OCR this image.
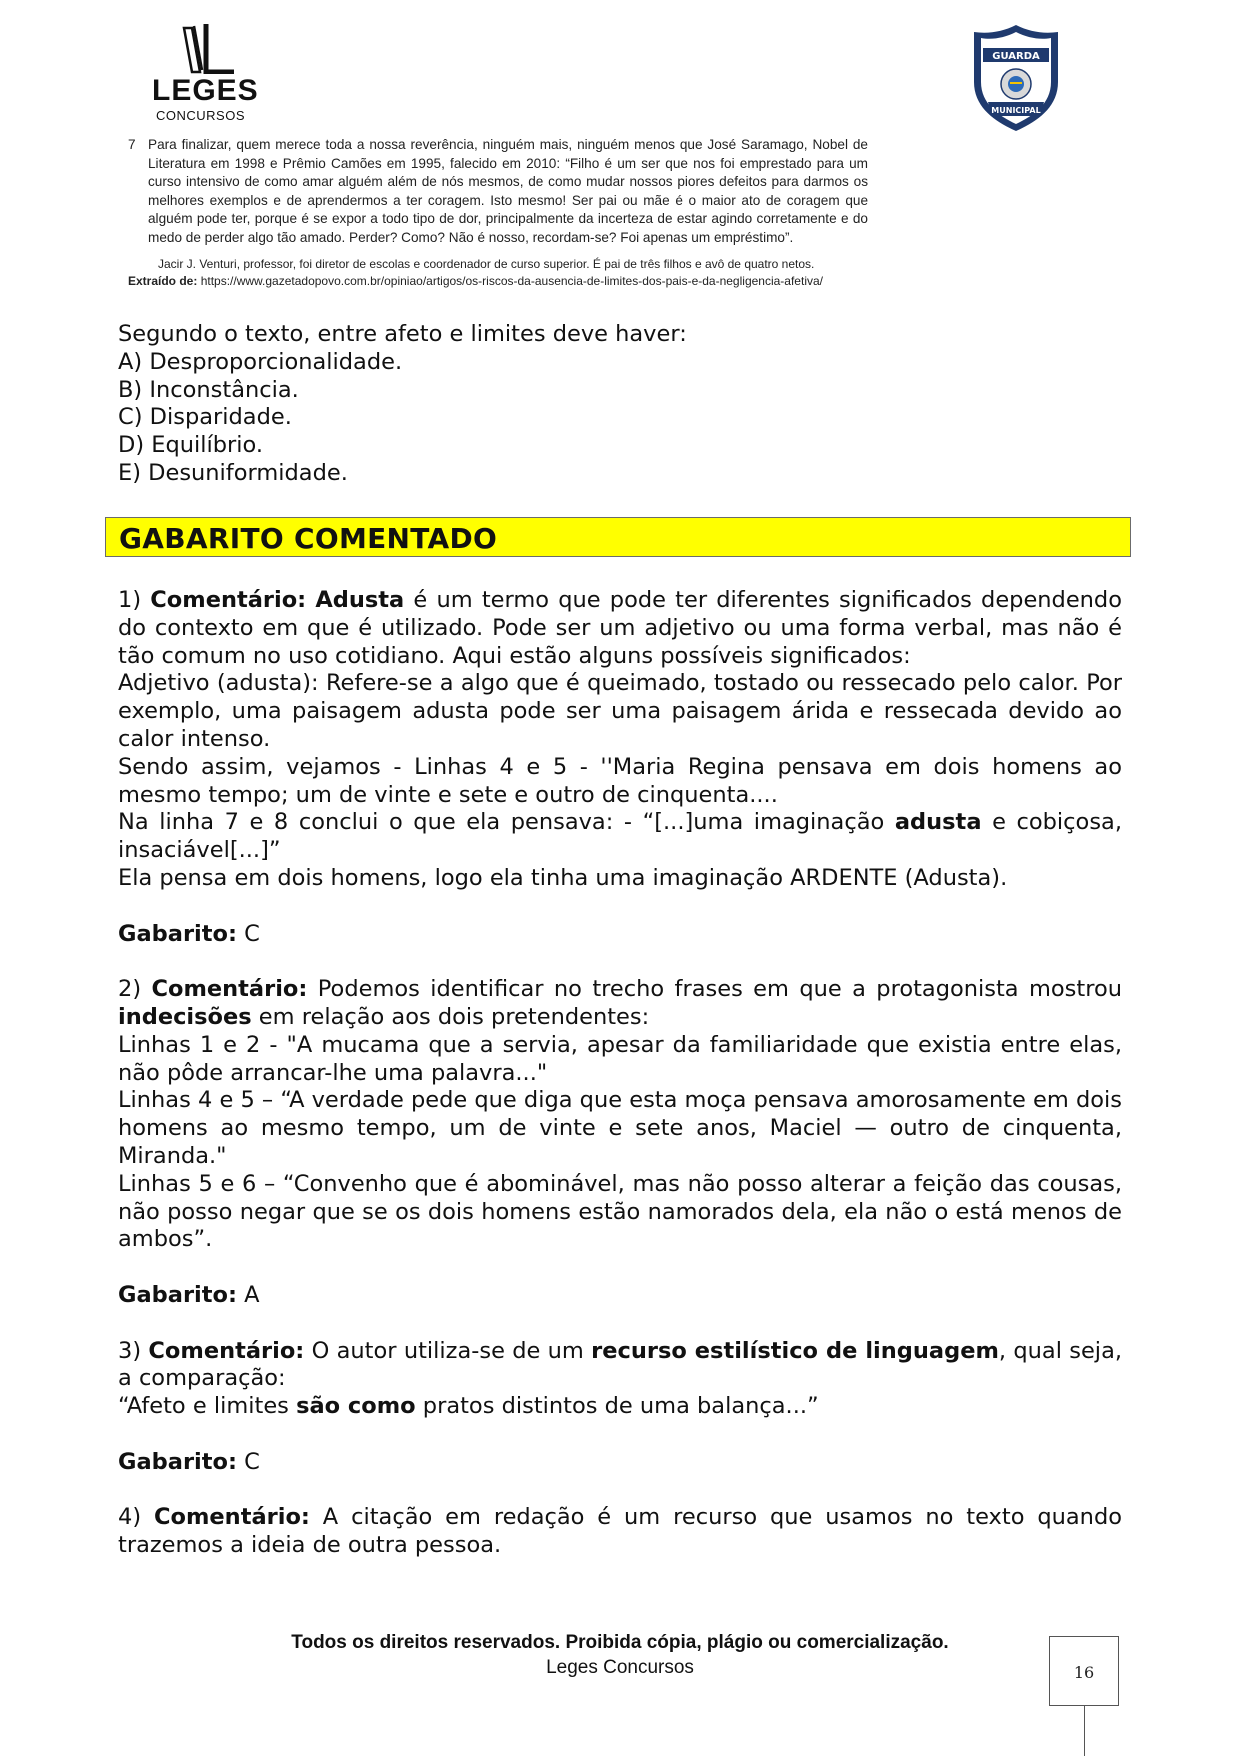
LEGES
CONCURSOS
GUARDA
MUNICIPAL
7 Para finalizar, quem merece toda a nossa reverência, ninguém mais, ninguém menos que José Saramago, Nobel de Literatura em 1998 e Prêmio Camões em 1995, falecido em 2010: “Filho é um ser que nos foi emprestado para um curso intensivo de como amar alguém além de nós mesmos, de como mudar nossos piores defeitos para darmos os melhores exemplos e de aprendermos a ter coragem. Isto mesmo! Ser pai ou mãe é o maior ato de coragem que alguém pode ter, porque é se expor a todo tipo de dor, principalmente da incerteza de estar agindo corretamente e do medo de perder algo tão amado. Perder? Como? Não é nosso, recordam-se? Foi apenas um empréstimo”.
Jacir J. Venturi, professor, foi diretor de escolas e coordenador de curso superior. É pai de três filhos e avô de quatro netos.
Extraído de: https://www.gazetadopovo.com.br/opiniao/artigos/os-riscos-da-ausencia-de-limites-dos-pais-e-da-negligencia-afetiva/

Segundo o texto, entre afeto e limites deve haver:

A) Desproporcionalidade.

B) Inconstância.

C) Disparidade.

D) Equilíbrio.

E) Desuniformidade.

GABARITO COMENTADO

1) Comentário: Adusta é um termo que pode ter diferentes significados dependendo do contexto em que é utilizado. Pode ser um adjetivo ou uma forma verbal, mas não é tão comum no uso cotidiano. Aqui estão alguns possíveis significados:

Adjetivo (adusta): Refere-se a algo que é queimado, tostado ou ressecado pelo calor. Por exemplo, uma paisagem adusta pode ser uma paisagem árida e ressecada devido ao calor intenso.

Sendo assim, vejamos - Linhas 4 e 5 - ''Maria Regina pensava em dois homens ao mesmo tempo; um de vinte e sete e outro de cinquenta....

Na linha 7 e 8 conclui o que ela pensava: - “[...]uma imaginação adusta e cobiçosa, insaciável[...]”

Ela pensa em dois homens, logo ela tinha uma imaginação ARDENTE (Adusta).

Gabarito: C

2) Comentário: Podemos identificar no trecho frases em que a protagonista mostrou indecisões em relação aos dois pretendentes:

Linhas 1 e 2 - "A mucama que a servia, apesar da familiaridade que existia entre elas, não pôde arrancar-lhe uma palavra..."

Linhas 4 e 5 – “A verdade pede que diga que esta moça pensava amorosamente em dois homens ao mesmo tempo, um de vinte e sete anos, Maciel — outro de cinquenta, Miranda."

Linhas 5 e 6 – “Convenho que é abominável, mas não posso alterar a feição das cousas, não posso negar que se os dois homens estão namorados dela, ela não o está menos de ambos”.

Gabarito: A

3) Comentário: O autor utiliza-se de um recurso estilístico de linguagem, qual seja, a comparação:

“Afeto e limites são como pratos distintos de uma balança...”

Gabarito: C

4) Comentário: A citação em redação é um recurso que usamos no texto quando trazemos a ideia de outra pessoa.

Todos os direitos reservados. Proibida cópia, plágio ou comercialização.
Leges Concursos	16
